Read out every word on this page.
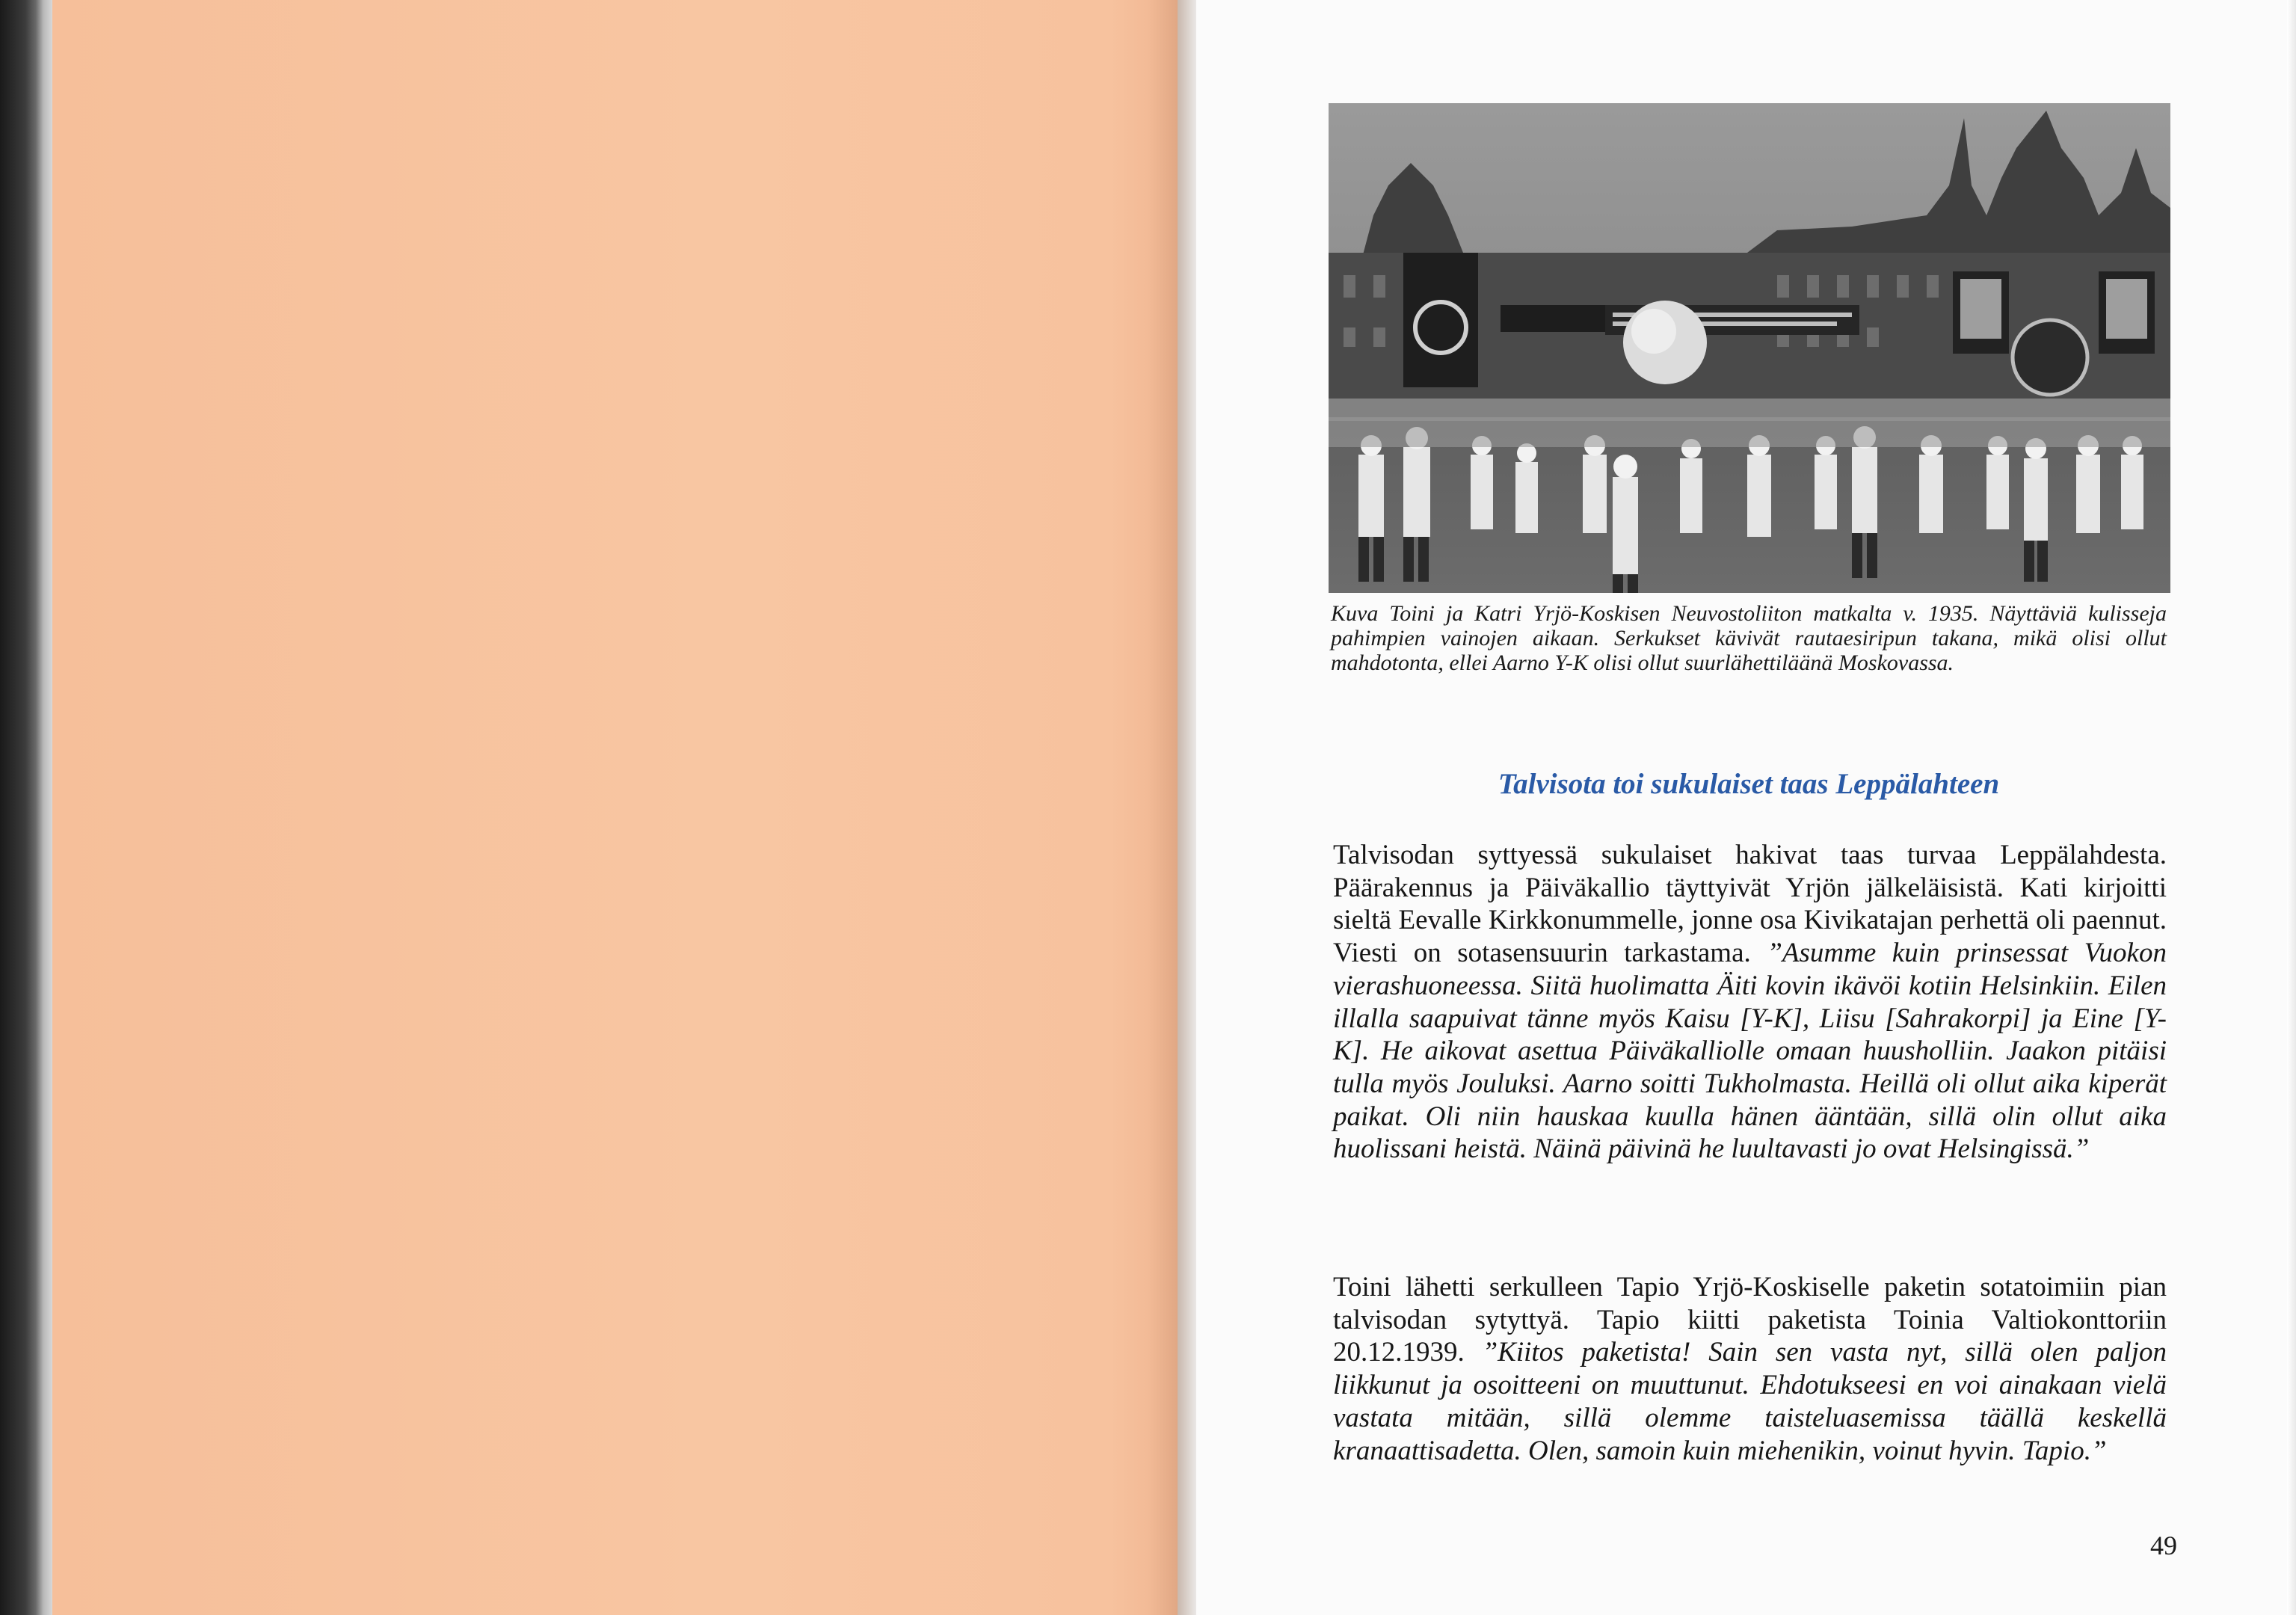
Kuva Toini ja Katri Yrjö-Koskisen Neuvostoliiton matkalta v. 1935. Näyttäviä kulisseja pahimpien vainojen aikaan. Serkukset kävivät rautaesiripun takana, mikä olisi ollut mahdotonta, ellei Aarno Y-K olisi ollut suurlähettiläänä Moskovassa.

Talvisota toi sukulaiset taas Leppälahteen

Talvisodan syttyessä sukulaiset hakivat taas turvaa Leppälahdesta. Päärakennus ja Päiväkallio täyttyivät Yrjön jälkeläisistä. Kati kirjoitti sieltä Eevalle Kirkkonummelle, jonne osa Kivikatajan perhettä oli paennut. Viesti on sotasensuurin tarkastama. ”Asumme kuin prinsessat Vuokon vierashuoneessa. Siitä huolimatta Äiti kovin ikävöi kotiin Helsinkiin. Eilen illalla saapuivat tänne myös Kaisu [Y-K], Liisu [Sahrakorpi] ja Eine [Y-K]. He aikovat asettua Päiväkalliolle omaan huusholliin. Jaakon pitäisi tulla myös Jouluksi. Aarno soitti Tukholmasta. Heillä oli ollut aika kiperät paikat. Oli niin hauskaa kuulla hänen ääntään, sillä olin ollut aika huolissani heistä. Näinä päivinä he luultavasti jo ovat Helsingissä.”

Toini lähetti serkulleen Tapio Yrjö-Koskiselle paketin sotatoimiin pian talvisodan sytyttyä. Tapio kiitti paketista Toinia Valtiokonttoriin 20.12.1939. ”Kiitos paketista! Sain sen vasta nyt, sillä olen paljon liikkunut ja osoitteeni on muuttunut. Ehdotukseesi en voi ainakaan vielä vastata mitään, sillä olemme taisteluasemissa täällä keskellä kranaattisadetta. Olen, samoin kuin miehenikin, voinut hyvin. Tapio.”

49
